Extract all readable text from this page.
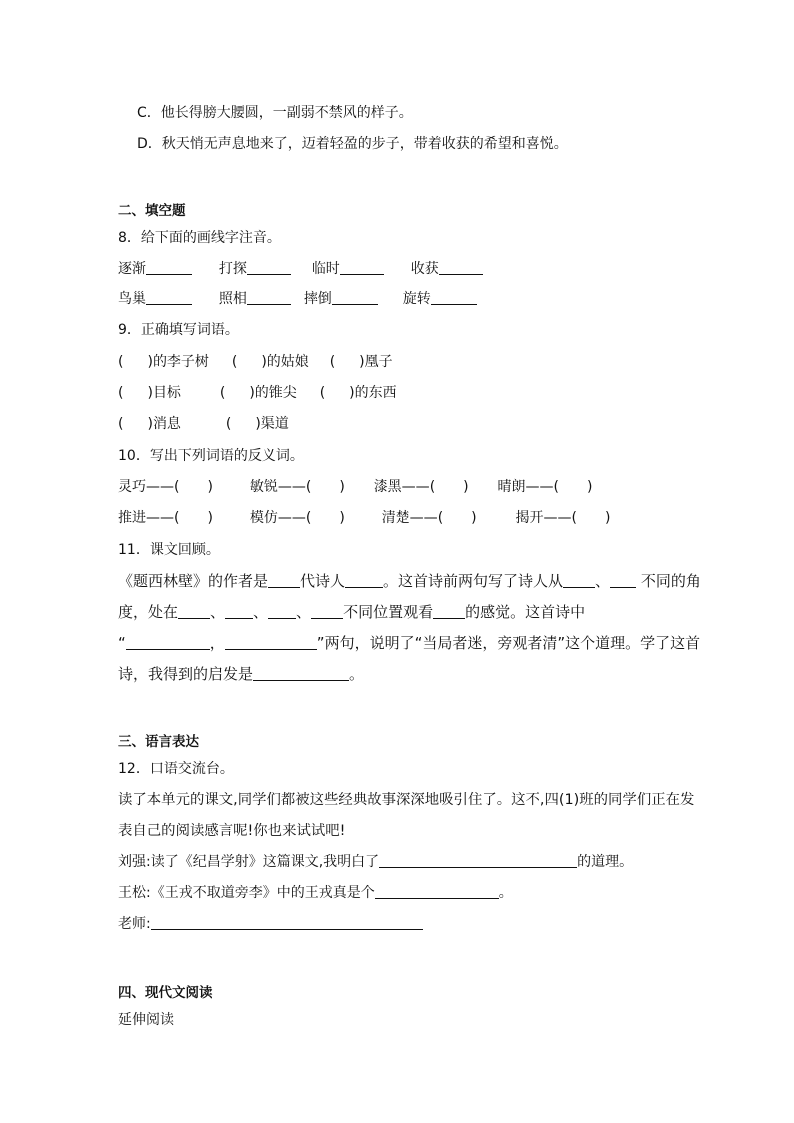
C．他长得膀大腰圆，一副弱不禁风的样子。
D．秋天悄无声息地来了，迈着轻盈的步子，带着收获的希望和喜悦。
二、填空题
8．给下面的画线字注音。
逐渐	打探	临时	收获
鸟巢	照相	摔倒	旋转
9．正确填写词语。
( )的李子树 ( )的姑娘 ( )凰子
( )目标	( )的锥尖 ( )的东西
( )消息	( )渠道
10．写出下列词语的反义词。
灵巧——( )	敏锐——( ) 漆黑——( ) 晴朗——( )
推进——( )	模仿——( )	清楚——( )	揭开——( )
11．课文回顾。
《题西林壁》的作者是 代诗人	。这首诗前两句写了诗人从 、 不同的角
度，处在 、 、 、 不同位置观看 的感觉。这首诗中
“	，	”两句，说明了“当局者迷，旁观者清”这个道理。学了这首
诗，我得到的启发是	。
三、语言表达
12．口语交流台。
读了本单元的课文,同学们都被这些经典故事深深地吸引住了。这不,四(1)班的同学们正在发
表自己的阅读感言呢!你也来试试吧!
刘强:读了《纪昌学射》这篇课文,我明白了	的道理。
王松:《王戎不取道旁李》中的王戎真是个	。
老师:
四、现代文阅读
延伸阅读
